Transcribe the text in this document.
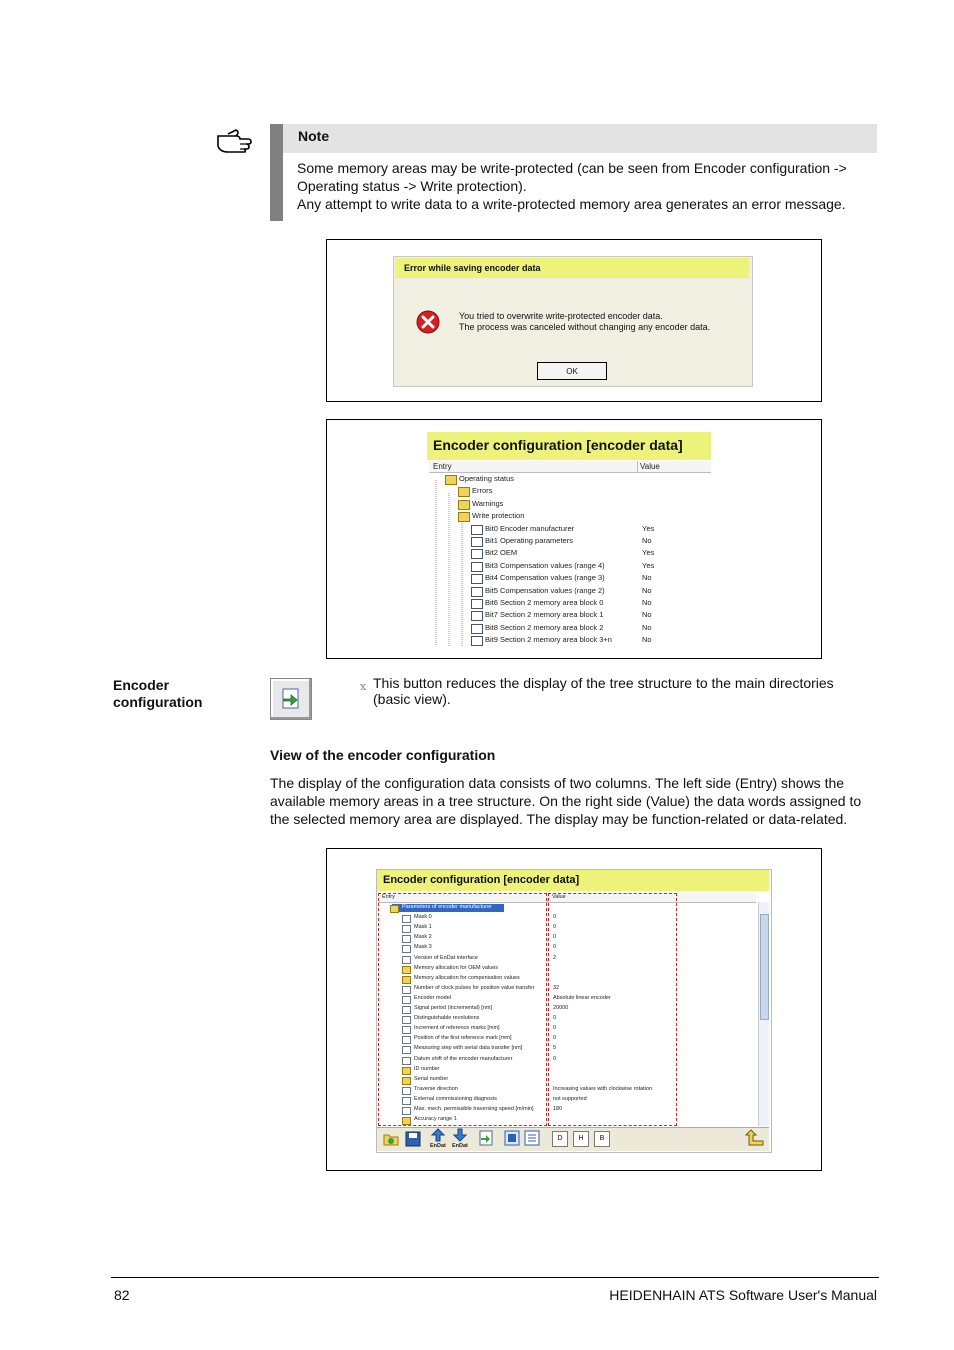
Note
Some memory areas may be write-protected (can be seen from Encoder configuration ->
Operating status -> Write protection).
Any attempt to write data to a write-protected memory area generates an error message.
Error while saving encoder data
You tried to overwrite write-protected encoder data.
The process was canceled without changing any encoder data.
OK
Encoder configuration [encoder data]
Entry	Value
Operating status
Errors
Warnings
Write protection
Bit0 Encoder manufacturer	Yes
Bit1 Operating parameters	No
Bit2 OEM	Yes
Bit3 Compensation values (range 4)	Yes
Bit4 Compensation values (range 3)	No
Bit5 Compensation values (range 2)	No
Bit6 Section 2 memory area block 0	No
Bit7 Section 2 memory area block 1	No
Bit8 Section 2 memory area block 2	No
Bit9 Section 2 memory area block 3+n	No
Encoder
configuration
x This button reduces the display of the tree structure to the main directories
(basic view).
View of the encoder configuration
The display of the configuration data consists of two columns. The left side (Entry) shows the
available memory areas in a tree structure. On the right side (Value) the data words assigned to
the selected memory area are displayed. The display may be function-related or data-related.
Encoder configuration [encoder data]
Entry	Value
Parameters of encoder manufacturer
Mask 0	0
Mask 1	0
Mask 2	0
Mask 3	0
Version of EnDat interface	2
Memory allocation for OEM values
Memory allocation for compensation values
Number of clock pulses for position value transfer	32
Encoder model	Absolute linear encoder
Signal period (incremental) [nm]	20000
Distinguishable revolutions	0
Increment of reference marks [mm]	0
Position of the first reference mark [mm]	0
Measuring step with serial data transfer [nm]	5
Datum shift of the encoder manufacturer	0
ID number
Serial number
Traverse direction	Increasing values with clockwise rotation
External commissioning diagnosis	not supported
Max. mech. permissible traversing speed [m/min]	180
Accuracy range 1
EnDat EnDat
D	H	B
82	HEIDENHAIN ATS Software User's Manual
